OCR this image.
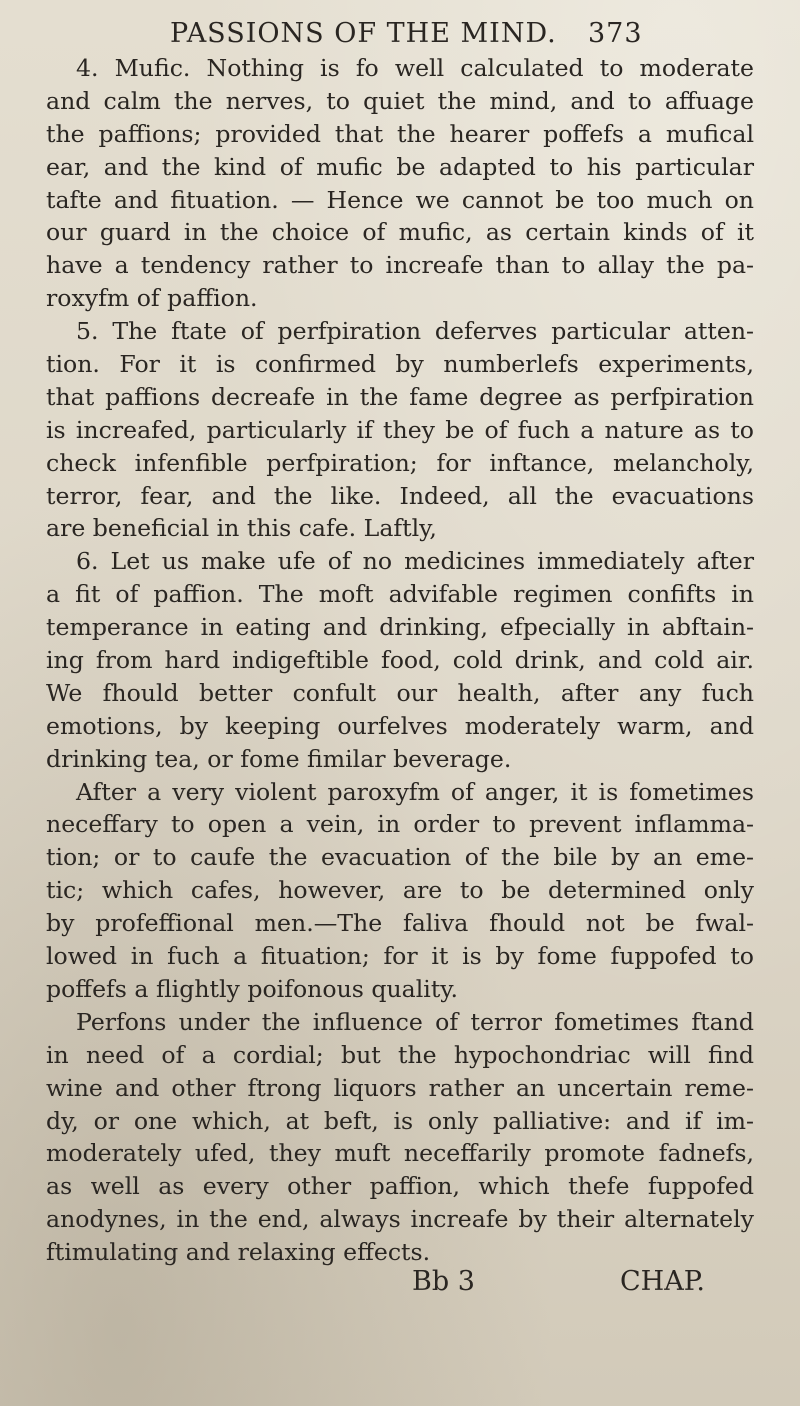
PASSIONS OF THE MIND. 373
4. Mufic. Nothing is fo well calculated to moderate
and calm the nerves, to quiet the mind, and to affuage
the paffions; provided that the hearer poffefs a mufical
ear, and the kind of mufic be adapted to his particular
tafte and fituation. — Hence we cannot be too much on
our guard in the choice of mufic, as certain kinds of it
have a tendency rather to increafe than to allay the pa-
roxyfm of paffion.
5. The ftate of perfpiration deferves particular atten-
tion. For it is confirmed by numberlefs experiments,
that paffions decreafe in the fame degree as perfpiration
is increafed, particularly if they be of fuch a nature as to
check infenfible perfpiration; for inftance, melancholy,
terror, fear, and the like. Indeed, all the evacuations
are beneficial in this cafe. Laftly,
6. Let us make ufe of no medicines immediately after
a fit of paffion. The moft advifable regimen confifts in
temperance in eating and drinking, efpecially in abftain-
ing from hard indigeftible food, cold drink, and cold air.
We fhould better confult our health, after any fuch
emotions, by keeping ourfelves moderately warm, and
drinking tea, or fome fimilar beverage.
After a very violent paroxyfm of anger, it is fometimes
neceffary to open a vein, in order to prevent inflamma-
tion; or to caufe the evacuation of the bile by an eme-
tic; which cafes, however, are to be determined only
by profeffional men.—The faliva fhould not be fwal-
lowed in fuch a fituation; for it is by fome fuppofed to
poffefs a flightly poifonous quality.
Perfons under the influence of terror fometimes ftand
in need of a cordial; but the hypochondriac will find
wine and other ftrong liquors rather an uncertain reme-
dy, or one which, at beft, is only palliative: and if im-
moderately ufed, they muft neceffarily promote fadnefs,
as well as every other paffion, which thefe fuppofed
anodynes, in the end, always increafe by their alternately
ftimulating and relaxing effects.
Bb 3	CHAP.
